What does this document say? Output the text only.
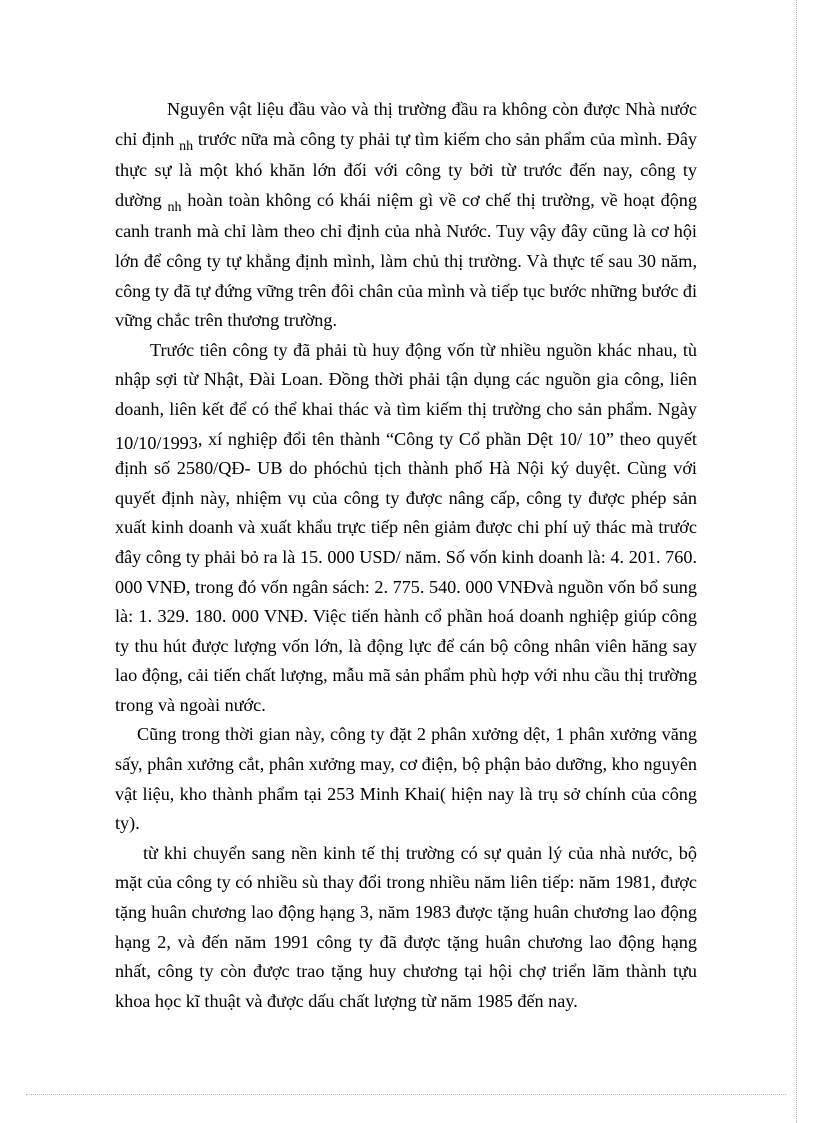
Nguyên vật liệu đầu vào và thị trường đầu ra không còn được Nhà nước chỉ định $_{nh}$ trước nữa mà công ty phải tự tìm kiếm cho sản phẩm của mình. Đây thực sự là một khó khăn lớn đối với công ty bởi từ trước đến nay, công ty dường $_{nh}$ hoàn toàn không có khái niệm gì về cơ chế thị trường, về hoạt động canh tranh mà chỉ làm theo chỉ định của nhà Nước. Tuy vậy đây cũng là cơ hội lớn để công ty tự khẳng định mình, làm chủ thị trường. Và thực tế sau 30 năm, công ty đã tự đứng vững trên đôi chân của mình và tiếp tục bước những bước đi vững chắc trên thương trường.

Trước tiên công ty đã phải tù huy động vốn từ nhiều nguồn khác nhau, tù nhập sợi từ Nhật, Đài Loan. Đồng thời phải tận dụng các nguồn gia công, liên doanh, liên kết để có thể khai thác và tìm kiếm thị trường cho sản phẩm. Ngày 10/10/1993, xí nghiệp đổi tên thành “Công ty Cổ phần Dệt 10/ 10” theo quyết định số 2580/QĐ- UB do phóchủ tịch thành phố Hà Nội ký duyệt. Cùng với quyết định này, nhiệm vụ của công ty được nâng cấp, công ty được phép sản xuất kinh doanh và xuất khẩu trực tiếp nên giảm được chi phí uỷ thác mà trước đây công ty phải bỏ ra là 15. 000 USD/ năm. Số vốn kinh doanh là: 4. 201. 760. 000 VNĐ, trong đó vốn ngân sách: 2. 775. 540. 000 VNĐvà nguồn vốn bổ sung là: 1. 329. 180. 000 VNĐ. Việc tiến hành cổ phần hoá doanh nghiệp giúp công ty thu hút được lượng vốn lớn, là động lực để cán bộ công nhân viên hăng say lao động, cải tiến chất lượng, mẫu mã sản phẩm phù hợp với nhu cầu thị trường trong và ngoài nước.

Cũng trong thời gian này, công ty đặt 2 phân xưởng dệt, 1 phân xưởng văng sấy, phân xưởng cắt, phân xưởng may, cơ điện, bộ phận bảo dưỡng, kho nguyên vật liệu, kho thành phẩm tại 253 Minh Khai( hiện nay là trụ sở chính của công ty).

từ khi chuyển sang nền kinh tế thị trường có sự quản lý của nhà nước, bộ mặt của công ty có nhiều sù thay đổi trong nhiều năm liên tiếp: năm 1981, được tặng huân chương lao động hạng 3, năm 1983 được tặng huân chương lao động hạng 2, và đến năm 1991 công ty đã được tặng huân chương lao động hạng nhất, công ty còn được trao tặng huy chương tại hội chợ triển lãm thành tựu khoa học kĩ thuật và được dấu chất lượng từ năm 1985 đến nay.
